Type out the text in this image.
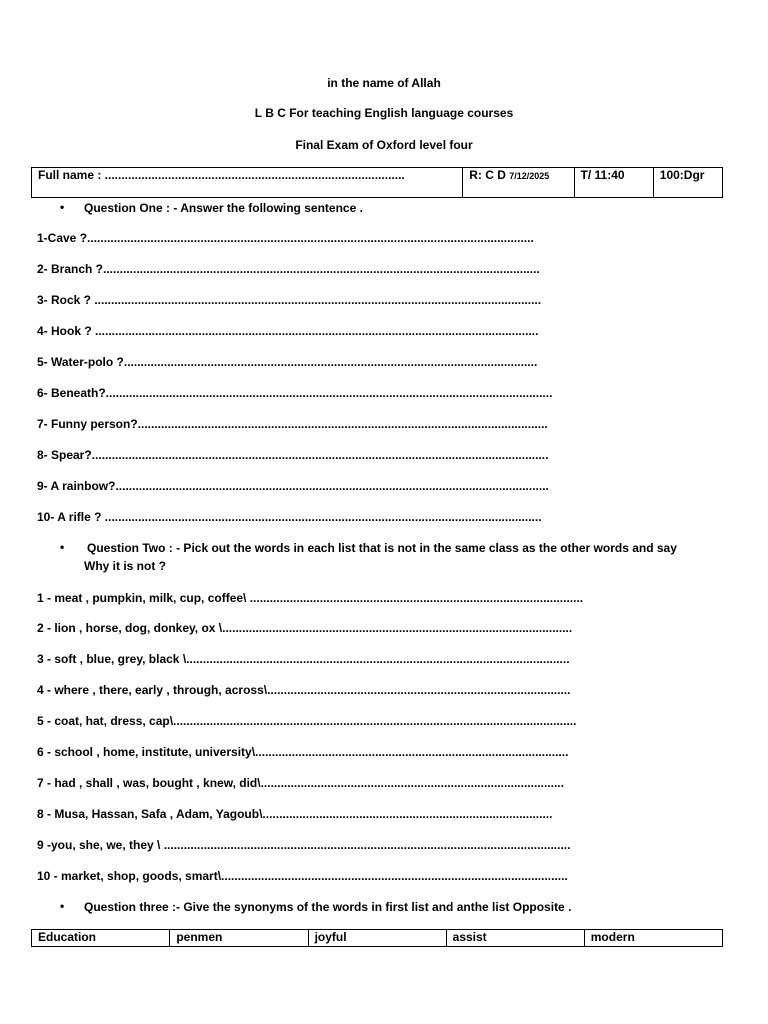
in the name of Allah
L B C For teaching English language courses
Final Exam of Oxford level four
Full name : ..........................................................................................	R: C D 7/12/2025	T/ 11:40	100:Dgr
• Question One : - Answer the following sentence .
1-Cave ?......................................................................................................................................
2- Branch ?...................................................................................................................................
3- Rock ? ......................................................................................................................................
4- Hook ? .....................................................................................................................................
5- Water-polo ?............................................................................................................................
6- Beneath?......................................................................................................................................
7- Funny person?...........................................................................................................................
8- Spear?.........................................................................................................................................
9- A rainbow?..................................................................................................................................
10- A rifle ? ...................................................................................................................................
• Question Two : - Pick out the words in each list that is not in the same class as the other words and say
Why it is not ?
1 - meat , pumpkin, milk, cup, coffee\ ....................................................................................................
2 - lion , horse, dog, donkey, ox \.........................................................................................................
3 - soft , blue, grey, black \...................................................................................................................
4 - where , there, early , through, across\...........................................................................................
5 - coat, hat, dress, cap\.........................................................................................................................
6 - school , home, institute, university\..............................................................................................
7 - had , shall , was, bought , knew, did\...........................................................................................
8 - Musa, Hassan, Safa , Adam, Yagoub\.......................................................................................
9 -you, she, we, they \ ..........................................................................................................................
10 - market, shop, goods, smart\........................................................................................................
• Question three :- Give the synonyms of the words in first list and anthe list Opposite .
Education	penmen	joyful	assist	modern
